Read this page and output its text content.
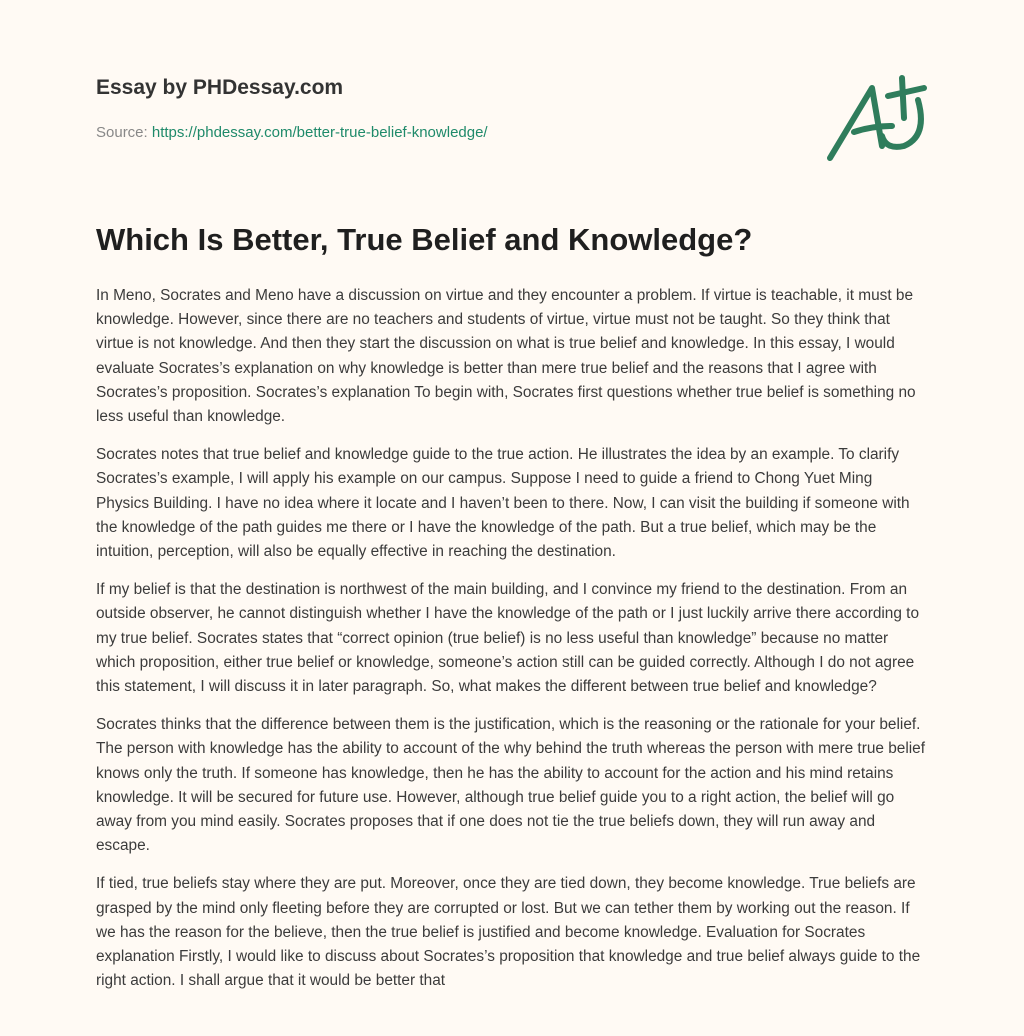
Essay by PHDessay.com
Source: https://phdessay.com/better-true-belief-knowledge/
Which Is Better, True Belief and Knowledge?

In Meno, Socrates and Meno have a discussion on virtue and they encounter a problem. If virtue is teachable, it must be knowledge. However, since there are no teachers and students of virtue, virtue must not be taught. So they think that virtue is not knowledge. And then they start the discussion on what is true belief and knowledge. In this essay, I would evaluate Socrates’s explanation on why knowledge is better than mere true belief and the reasons that I agree with Socrates’s proposition. Socrates’s explanation To begin with, Socrates first questions whether true belief is something no less useful than knowledge.

Socrates notes that true belief and knowledge guide to the true action. He illustrates the idea by an example. To clarify Socrates’s example, I will apply his example on our campus. Suppose I need to guide a friend to Chong Yuet Ming Physics Building. I have no idea where it locate and I haven’t been to there. Now, I can visit the building if someone with the knowledge of the path guides me there or I have the knowledge of the path. But a true belief, which may be the intuition, perception, will also be equally effective in reaching the destination.

If my belief is that the destination is northwest of the main building, and I convince my friend to the destination. From an outside observer, he cannot distinguish whether I have the knowledge of the path or I just luckily arrive there according to my true belief. Socrates states that “correct opinion (true belief) is no less useful than knowledge” because no matter which proposition, either true belief or knowledge, someone’s action still can be guided correctly. Although I do not agree this statement, I will discuss it in later paragraph. So, what makes the different between true belief and knowledge?

Socrates thinks that the difference between them is the justification, which is the reasoning or the rationale for your belief. The person with knowledge has the ability to account of the why behind the truth whereas the person with mere true belief knows only the truth. If someone has knowledge, then he has the ability to account for the action and his mind retains knowledge. It will be secured for future use. However, although true belief guide you to a right action, the belief will go away from you mind easily. Socrates proposes that if one does not tie the true beliefs down, they will run away and escape.

If tied, true beliefs stay where they are put. Moreover, once they are tied down, they become knowledge. True beliefs are grasped by the mind only fleeting before they are corrupted or lost. But we can tether them by working out the reason. If we has the reason for the believe, then the true belief is justified and become knowledge. Evaluation for Socrates explanation Firstly, I would like to discuss about Socrates’s proposition that knowledge and true belief always guide to the right action. I shall argue that it would be better that
